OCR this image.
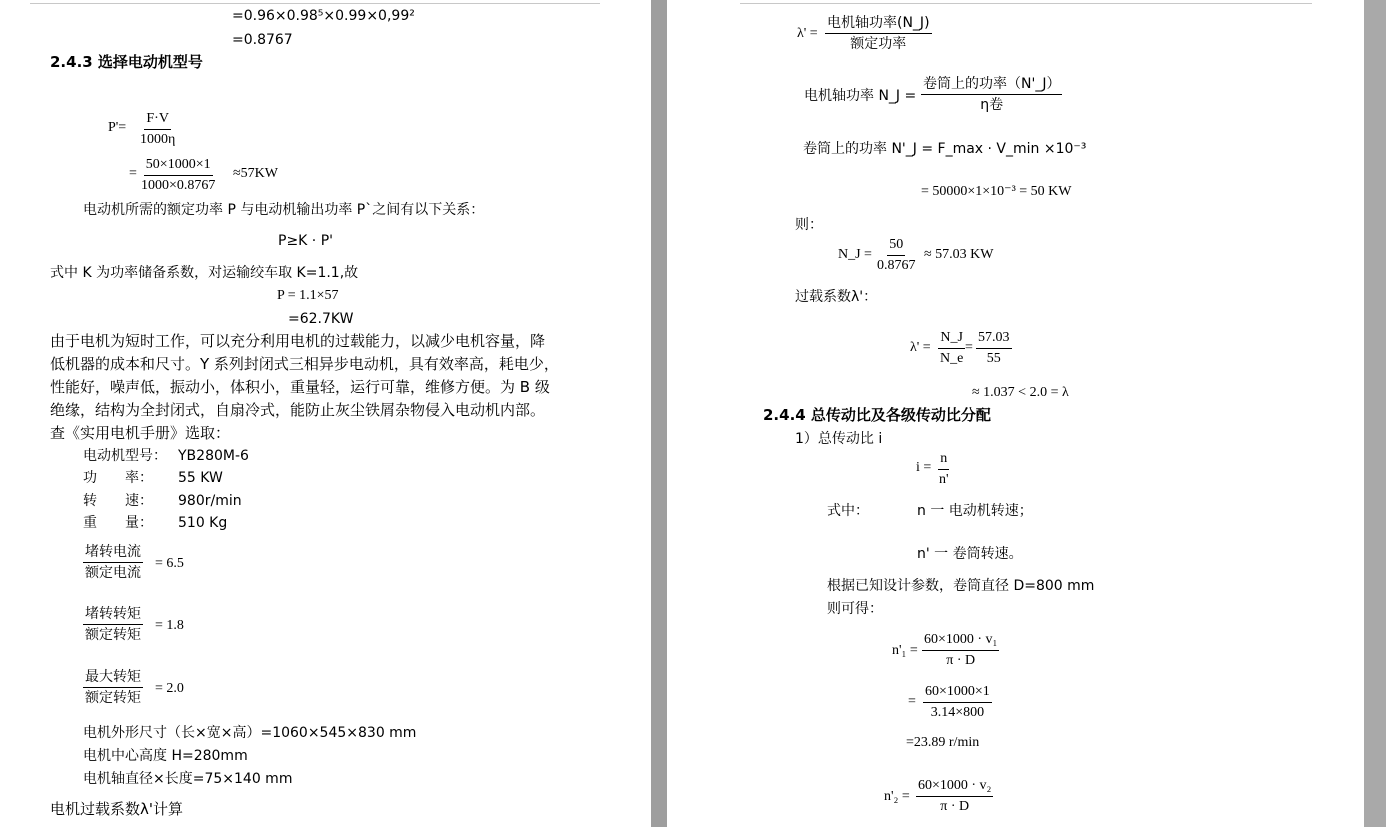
=0.96×0.98⁵×0.99×0,99²
=0.8767
2.4.3 选择电动机型号
$P'= \frac{F\cdot V}{1000\eta}$
= $\frac{50\times 1000\times 1}{1000\times 0.8767} \approx 57KW$
电动机所需的额定功率 P 与电动机输出功率 P`之间有以下关系：
P≥K · P'
式中 K 为功率储备系数，对运输绞车取 K=1.1,故
P = 1.1×57
=62.7KW
由于电机为短时工作，可以充分利用电机的过载能力，以减少电机容量，降
低机器的成本和尺寸。Y 系列封闭式三相异步电动机，具有效率高，耗电少，
性能好，噪声低，振动小，体积小，重量轻，运行可靠，维修方便。为 B 级
绝缘，结构为全封闭式，自扇冷式，能防止灰尘铁屑杂物侵入电动机内部。
查《实用电机手册》选取：
电动机型号： YB280M-6
功　　率： 55 KW
转　　速： 980r/min
重　　量： 510 Kg
堵转电流
额定电流
= 6.5
堵转转矩
额定转矩
= 1.8
最大转矩
额定转矩
= 2.0
电机外形尺寸（长×宽×高）=1060×545×830 mm
电机中心高度 H=280mm
电机轴直径×长度=75×140 mm
电机过载系数λ'计算
λ' =
电机轴功率(N_J)
额定功率
电机轴功率 N_J =
卷筒上的功率（N'_J）
η卷
卷筒上的功率 N'_J = F_max · V_min ×10⁻³
= 50000×1×10⁻³ = 50 KW
则：
N_J = $\frac{50}{0.8767} \approx 57.03$ KW
过载系数λ'：
$\lambda' = \frac{N\_J}{N\_e} = \frac{57.03}{55}$
≈ 1.037 < 2.0 = λ
2.4.4 总传动比及各级传动比分配
1）总传动比 i
$i = \frac{n}{n'}$
式中：	n 一 电动机转速；
n' 一 卷筒转速。
根据已知设计参数，卷筒直径 D=800 mm
则可得：
$n'_1 = \frac{\text{60×1000 · v₁}}{\pi \cdot D}$
= $\frac{60\times 1000\times 1}{3.14\times 800}$
=23.89 r/min
$n'_2 = \frac{\text{60×1000 · v₂}}{\pi \cdot D}$
